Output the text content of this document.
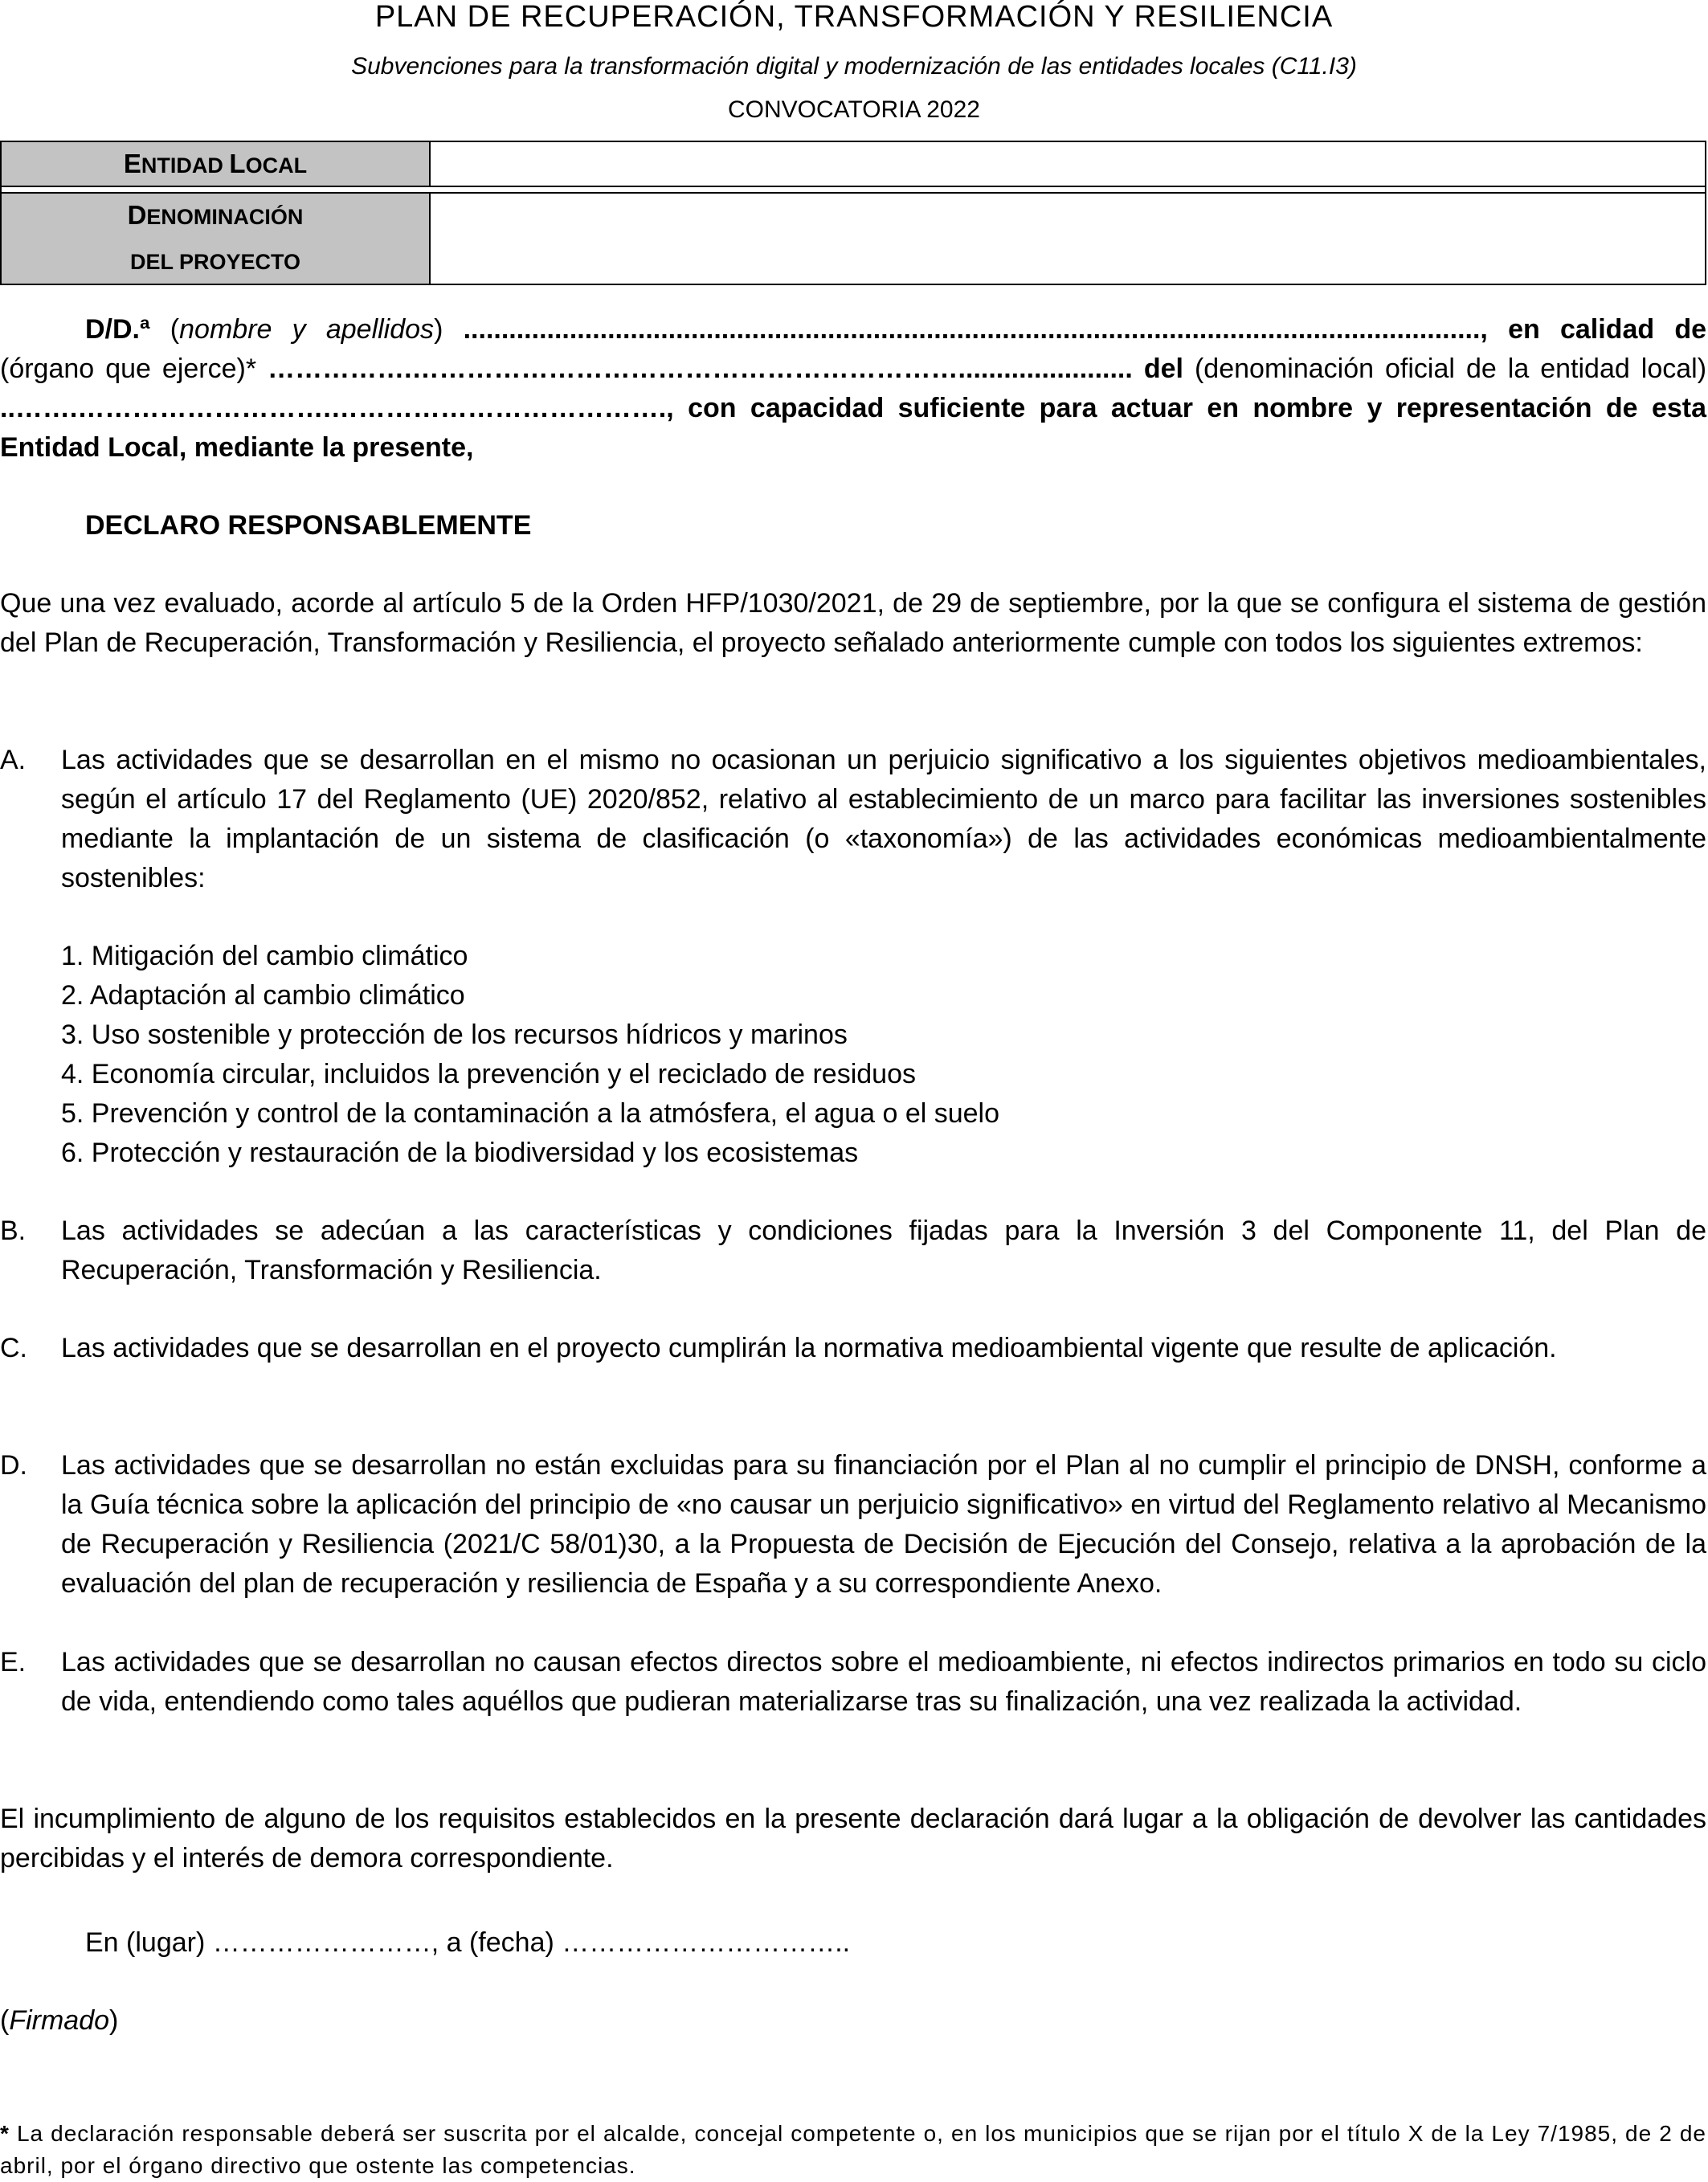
PLAN DE RECUPERACIÓN, TRANSFORMACIÓN Y RESILIENCIA
Subvenciones para la transformación digital y modernización de las entidades locales (C11.I3)
CONVOCATORIA 2022
ENTIDAD LOCAL	

DENOMINACIÓN
DEL PROYECTO	
D/D.ª (nombre y apellidos) ......................................................................................................................................, en calidad de (órgano que ejerce)* …………….……………………………………………………....................... del (denominación oficial de la entidad local) ..…….……………………….………………………………., con capacidad suficiente para actuar en nombre y representación de esta Entidad Local, mediante la presente,
DECLARO RESPONSABLEMENTE
Que una vez evaluado, acorde al artículo 5 de la Orden HFP/1030/2021, de 29 de septiembre, por la que se configura el sistema de gestión del Plan de Recuperación, Transformación y Resiliencia, el proyecto señalado anteriormente cumple con todos los siguientes extremos:
A. Las actividades que se desarrollan en el mismo no ocasionan un perjuicio significativo a los siguientes objetivos medioambientales, según el artículo 17 del Reglamento (UE) 2020/852, relativo al establecimiento de un marco para facilitar las inversiones sostenibles mediante la implantación de un sistema de clasificación (o «taxonomía») de las actividades económicas medioambientalmente sostenibles:
1. Mitigación del cambio climático
2. Adaptación al cambio climático
3. Uso sostenible y protección de los recursos hídricos y marinos
4. Economía circular, incluidos la prevención y el reciclado de residuos
5. Prevención y control de la contaminación a la atmósfera, el agua o el suelo
6. Protección y restauración de la biodiversidad y los ecosistemas
B. Las actividades se adecúan a las características y condiciones fijadas para la Inversión 3 del Componente 11, del Plan de Recuperación, Transformación y Resiliencia.
C. Las actividades que se desarrollan en el proyecto cumplirán la normativa medioambiental vigente que resulte de aplicación.
D. Las actividades que se desarrollan no están excluidas para su financiación por el Plan al no cumplir el principio de DNSH, conforme a la Guía técnica sobre la aplicación del principio de «no causar un perjuicio significativo» en virtud del Reglamento relativo al Mecanismo de Recuperación y Resiliencia (2021/C 58/01)30, a la Propuesta de Decisión de Ejecución del Consejo, relativa a la aprobación de la evaluación del plan de recuperación y resiliencia de España y a su correspondiente Anexo.
E. Las actividades que se desarrollan no causan efectos directos sobre el medioambiente, ni efectos indirectos primarios en todo su ciclo de vida, entendiendo como tales aquéllos que pudieran materializarse tras su finalización, una vez realizada la actividad.
El incumplimiento de alguno de los requisitos establecidos en la presente declaración dará lugar a la obligación de devolver las cantidades percibidas y el interés de demora correspondiente.
En (lugar) ……………………, a (fecha) …………………………..
(Firmado)
* La declaración responsable deberá ser suscrita por el alcalde, concejal competente o, en los municipios que se rijan por el título X de la Ley 7/1985, de 2 de abril, por el órgano directivo que ostente las competencias.
